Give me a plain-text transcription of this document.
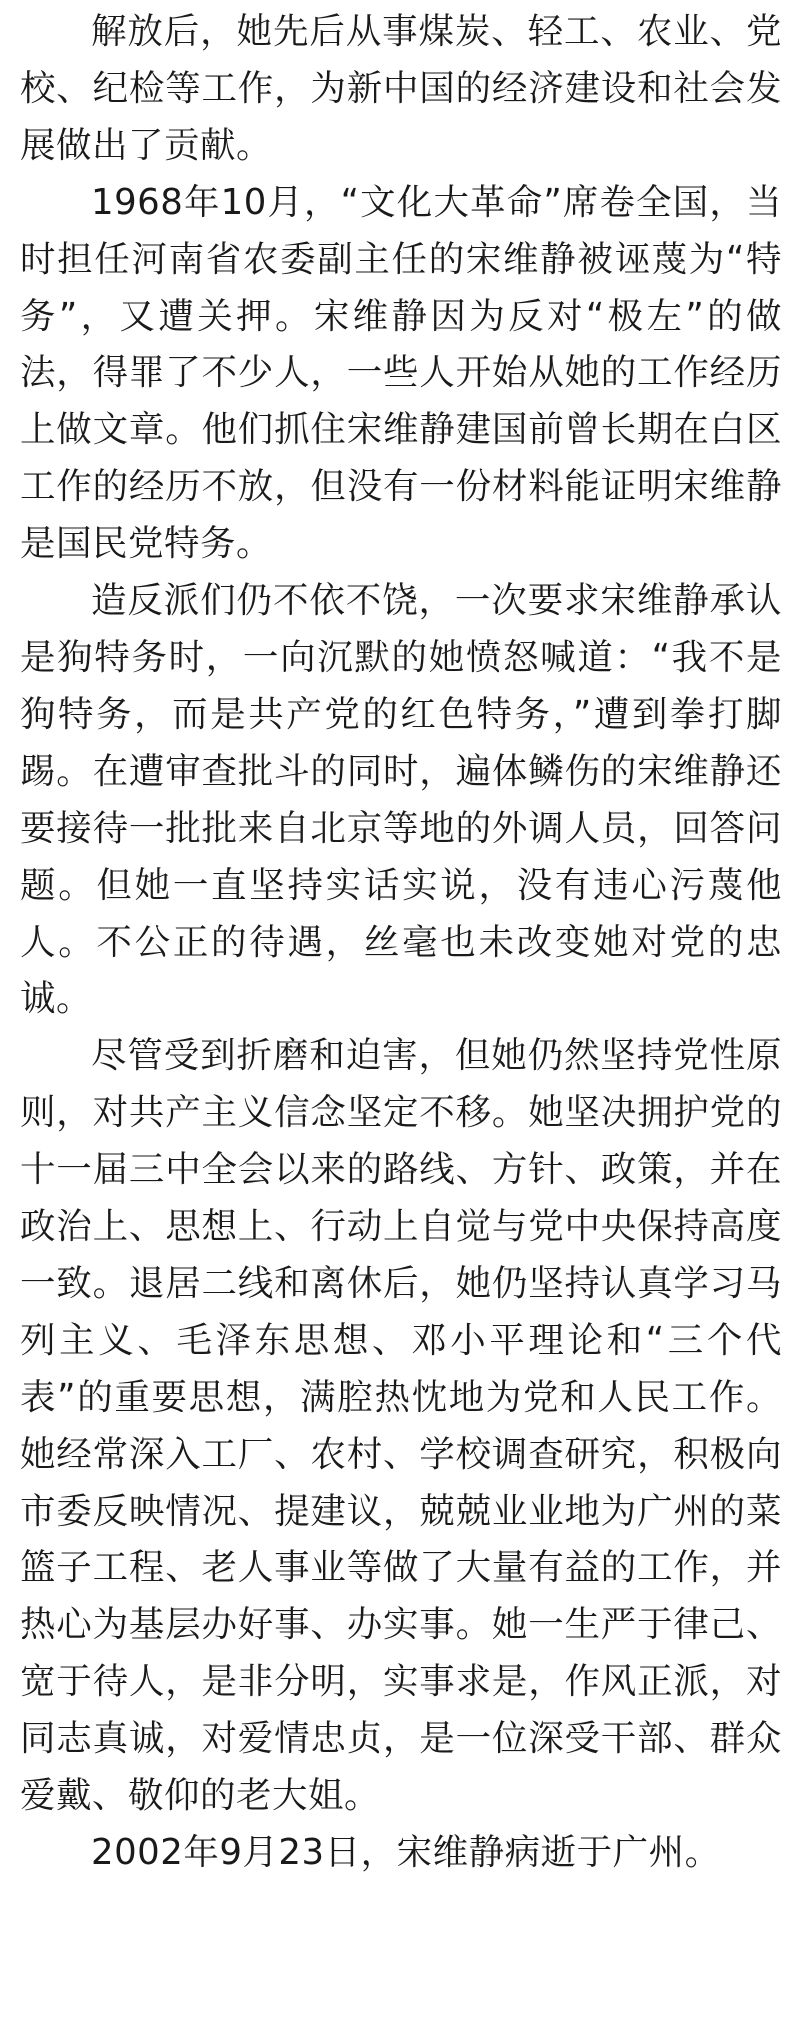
解放后，她先后从事煤炭、轻工、农业、党校、纪检等工作，为新中国的经济建设和社会发展做出了贡献。

1968年10月，“文化大革命”席卷全国，当时担任河南省农委副主任的宋维静被诬蔑为“特务”，又遭关押。宋维静因为反对“极左”的做法，得罪了不少人，一些人开始从她的工作经历上做文章。他们抓住宋维静建国前曾长期在白区工作的经历不放，但没有一份材料能证明宋维静是国民党特务。

造反派们仍不依不饶，一次要求宋维静承认是狗特务时，一向沉默的她愤怒喊道：“我不是狗特务，而是共产党的红色特务，”遭到拳打脚踢。在遭审查批斗的同时，遍体鳞伤的宋维静还要接待一批批来自北京等地的外调人员，回答问题。但她一直坚持实话实说，没有违心污蔑他人。不公正的待遇，丝毫也未改变她对党的忠诚。

尽管受到折磨和迫害，但她仍然坚持党性原则，对共产主义信念坚定不移。她坚决拥护党的十一届三中全会以来的路线、方针、政策，并在政治上、思想上、行动上自觉与党中央保持高度一致。退居二线和离休后，她仍坚持认真学习马列主义、毛泽东思想、邓小平理论和“三个代表”的重要思想，满腔热忱地为党和人民工作。她经常深入工厂、农村、学校调查研究，积极向市委反映情况、提建议，兢兢业业地为广州的菜篮子工程、老人事业等做了大量有益的工作，并热心为基层办好事、办实事。她一生严于律己、宽于待人，是非分明，实事求是，作风正派，对同志真诚，对爱情忠贞，是一位深受干部、群众爱戴、敬仰的老大姐。

2002年9月23日，宋维静病逝于广州。
